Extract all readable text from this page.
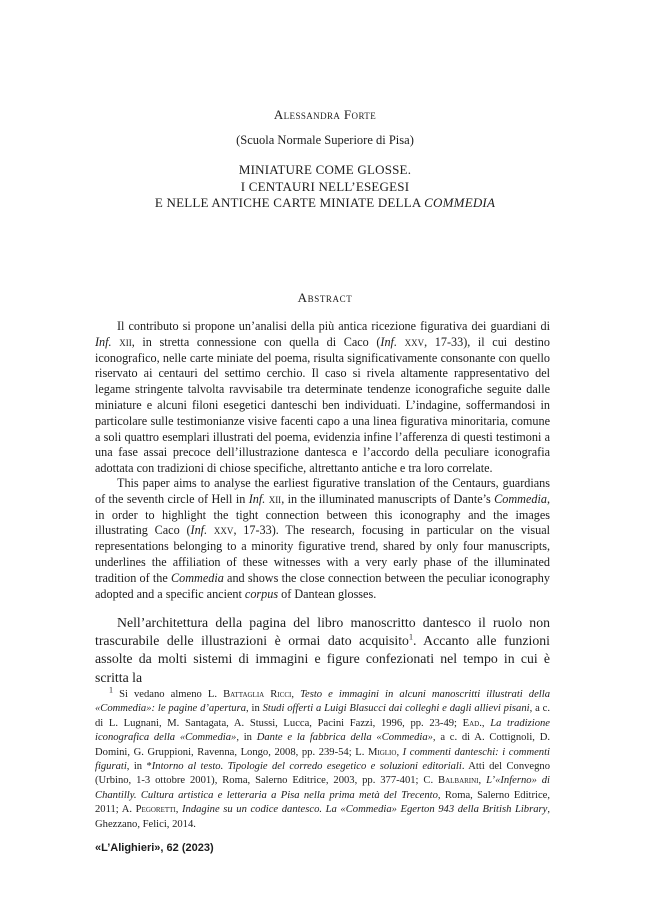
Alessandra Forte
(Scuola Normale Superiore di Pisa)
MINIATURE COME GLOSSE.
I CENTAURI NELL’ESEGESI
E NELLE ANTICHE CARTE MINIATE DELLA COMMEDIA
Abstract

Il contributo si propone un’analisi della più antica ricezione figurativa dei guardiani di Inf. xii, in stretta connessione con quella di Caco (Inf. xxv, 17-33), il cui destino iconografico, nelle carte miniate del poema, risulta significativamente consonante con quello riservato ai centauri del settimo cerchio. Il caso si rivela altamente rappresentativo del legame stringente talvolta ravvisabile tra determinate tendenze iconografiche seguite dalle miniature e alcuni filoni esegetici danteschi ben individuati. L’indagine, soffermandosi in particolare sulle testimonianze visive facenti capo a una linea figurativa minoritaria, comune a soli quattro esemplari illustrati del poema, evidenzia infine l’afferenza di questi testimoni a una fase assai precoce dell’illustrazione dantesca e l’accordo della peculiare iconografia adottata con tradizioni di chiose specifiche, altrettanto antiche e tra loro correlate.

This paper aims to analyse the earliest figurative translation of the Centaurs, guardians of the seventh circle of Hell in Inf. xii, in the illuminated manuscripts of Dante’s Commedia, in order to highlight the tight connection between this iconography and the images illustrating Caco (Inf. xxv, 17-33). The research, focusing in particular on the visual representations belonging to a minority figurative trend, shared by only four manuscripts, underlines the affiliation of these witnesses with a very early phase of the illuminated tradition of the Commedia and shows the close connection between the peculiar iconography adopted and a specific ancient corpus of Dantean glosses.

Nell’architettura della pagina del libro manoscritto dantesco il ruolo non trascurabile delle illustrazioni è ormai dato acquisito$^1$. Accanto alle funzioni assolte da molti sistemi di immagini e figure confezionati nel tempo in cui è scritta la

$^1$ Si vedano almeno L. Battaglia Ricci, Testo e immagini in alcuni manoscritti illustrati della «Commedia»: le pagine d’apertura, in Studi offerti a Luigi Blasucci dai colleghi e dagli allievi pisani, a c. di L. Lugnani, M. Santagata, A. Stussi, Lucca, Pacini Fazzi, 1996, pp. 23-49; Ead., La tradizione iconografica della «Commedia», in Dante e la fabbrica della «Commedia», a c. di A. Cottignoli, D. Domini, G. Gruppioni, Ravenna, Longo, 2008, pp. 239-54; L. Miglio, I commenti danteschi: i commenti figurati, in *Intorno al testo. Tipologie del corredo esegetico e soluzioni editoriali. Atti del Convegno (Urbino, 1-3 ottobre 2001), Roma, Salerno Editrice, 2003, pp. 377-401; C. Balbarini, L’«Inferno» di Chantilly. Cultura artistica e letteraria a Pisa nella prima metà del Trecento, Roma, Salerno Editrice, 2011; A. Pegoretti, Indagine su un codice dantesco. La «Commedia» Egerton 943 della British Library, Ghezzano, Felici, 2014.

«L’Alighieri», 62 (2023)
